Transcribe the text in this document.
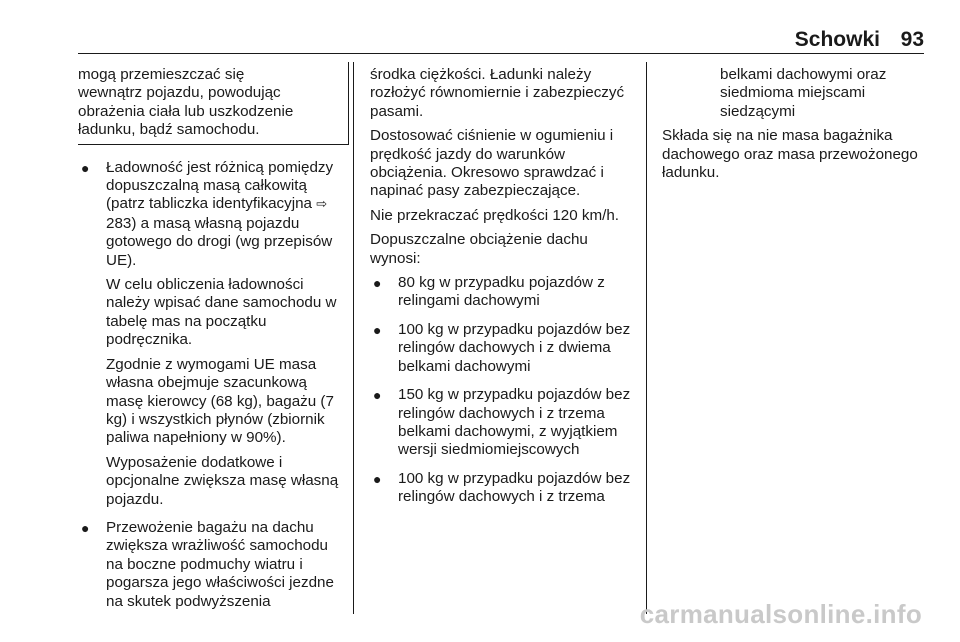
Schowki 93
mogą przemieszczać się
wewnątrz pojazdu, powodując
obrażenia ciała lub uszkodzenie
ładunku, bądź samochodu.
● Ładowność jest różnicą pomiędzy dopuszczalną masą całkowitą (patrz tabliczka identyfikacyjna ⇨ 283) a masą własną pojazdu gotowego do drogi (wg przepisów UE).

W celu obliczenia ładowności należy wpisać dane samochodu w tabelę mas na początku podręcznika.

Zgodnie z wymogami UE masa własna obejmuje szacunkową masę kierowcy (68 kg), bagażu (7 kg) i wszystkich płynów (zbiornik paliwa napełniony w 90%).

Wyposażenie dodatkowe i opcjonalne zwiększa masę własną pojazdu.

● Przewożenie bagażu na dachu zwiększa wrażliwość samochodu na boczne podmuchy wiatru i pogarsza jego właściwości jezdne na skutek podwyższenia

środka ciężkości. Ładunki należy rozłożyć równomiernie i zabezpieczyć pasami.

Dostosować ciśnienie w ogumieniu i prędkość jazdy do warunków obciążenia. Okresowo sprawdzać i napinać pasy zabezpieczające.

Nie przekraczać prędkości 120 km/h.

Dopuszczalne obciążenie dachu wynosi:

● 80 kg w przypadku pojazdów z relingami dachowymi

● 100 kg w przypadku pojazdów bez relingów dachowych i z dwiema belkami dachowymi

● 150 kg w przypadku pojazdów bez relingów dachowych i z trzema belkami dachowymi, z wyjątkiem wersji siedmiomiejscowych

● 100 kg w przypadku pojazdów bez relingów dachowych i z trzema

belkami dachowymi oraz siedmioma miejscami siedzącymi

Składa się na nie masa bagażnika dachowego oraz masa przewożonego ładunku.

carmanualsonline.info
